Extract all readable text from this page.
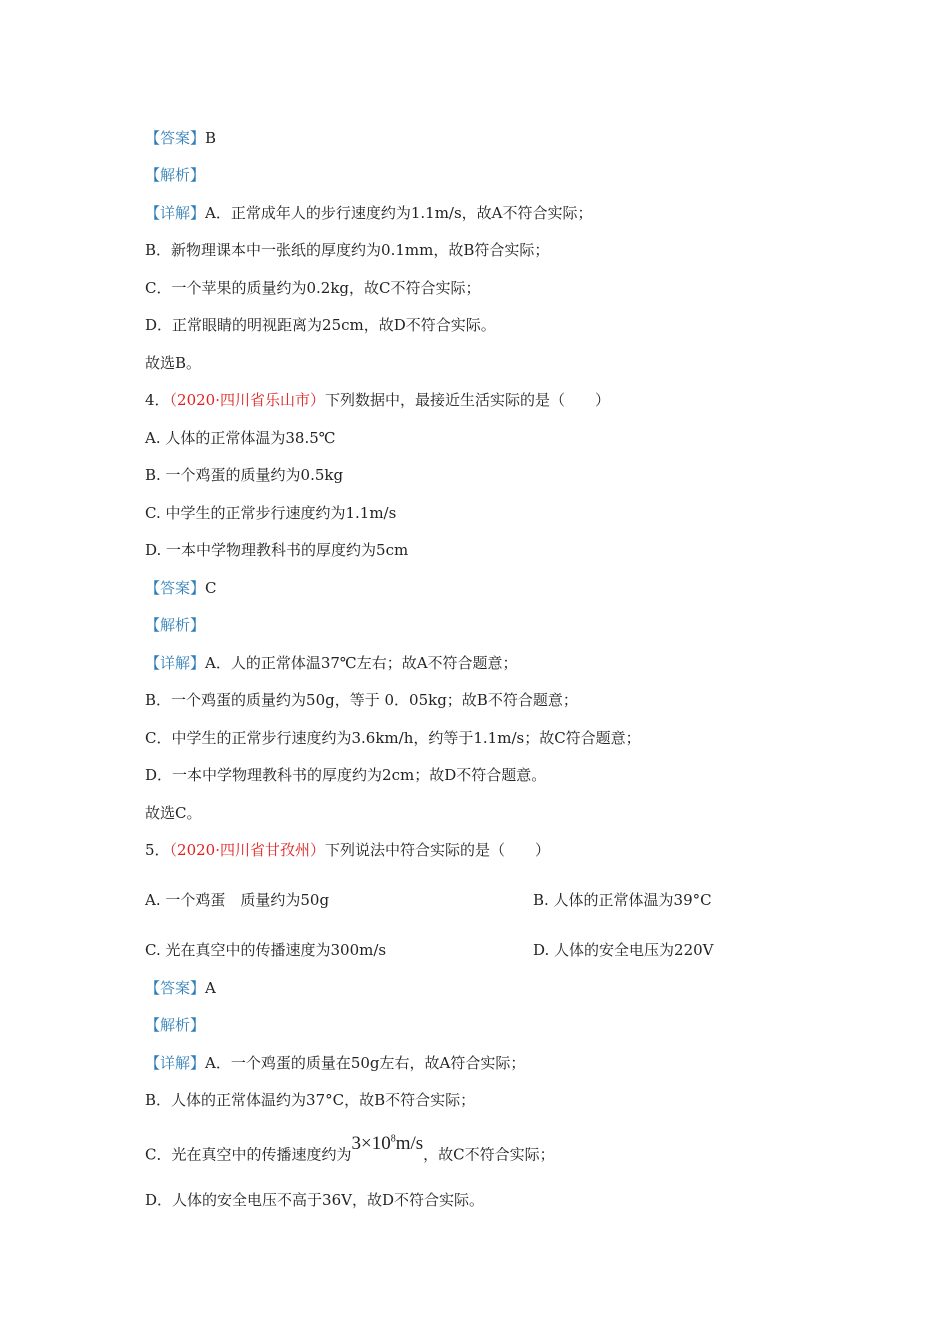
【答案】B
【解析】
【详解】A．正常成年人的步行速度约为1.1m/s，故A不符合实际；
B．新物理课本中一张纸的厚度约为0.1mm，故B符合实际；
C．一个苹果的质量约为0.2kg，故C不符合实际；
D．正常眼睛的明视距离为25cm，故D不符合实际。
故选B。
4．（2020·四川省乐山市）下列数据中，最接近生活实际的是（　　）
A. 人体的正常体温为38.5℃
B. 一个鸡蛋的质量约为0.5kg
C. 中学生的正常步行速度约为1.1m/s
D. 一本中学物理教科书的厚度约为5cm
【答案】C
【解析】
【详解】A．人的正常体温37℃左右；故A不符合题意；
B．一个鸡蛋的质量约为50g，等于 0．05kg；故B不符合题意；
C．中学生的正常步行速度约为3.6km/h，约等于1.1m/s；故C符合题意；
D．一本中学物理教科书的厚度约为2cm；故D不符合题意。
故选C。
5．（2020·四川省甘孜州）下列说法中符合实际的是（　　）
A. 一个鸡蛋　质量约为50g	B. 人体的正常体温为39°C
C. 光在真空中的传播速度为300m/s	D. 人体的安全电压为220V
【答案】A
【解析】
【详解】A．一个鸡蛋的质量在50g左右，故A符合实际；
B．人体的正常体温约为37°C，故B不符合实际；
C．光在真空中的传播速度约为$3\times 10^8m/s$，故C不符合实际；
D．人体的安全电压不高于36V，故D不符合实际。
